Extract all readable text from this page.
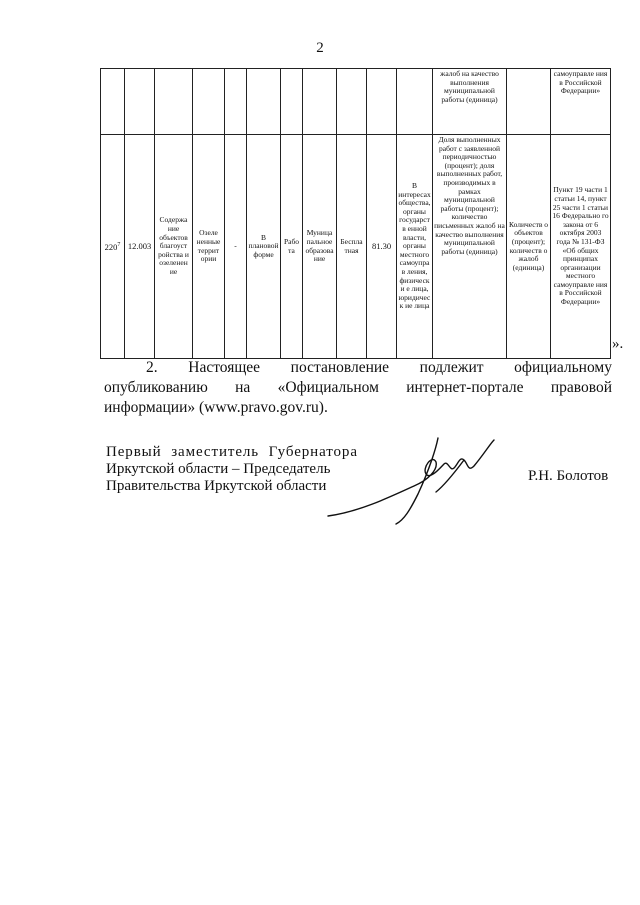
2
											жалоб на качество выполнения муниципальной работы (единица)		самоуправле ния в Российской Федерации»
$220^7$	12.003	Содержа ние объектов благоуст ройства и озеленен ие	Озеле ненные террит ории	-	В плановой форме	Рабо та	Муница пальное образова ние	Беспла тная	81.30	В интересах общества, органы государств енной власти, органы местного самоуправ ления, физически е лица, юридическ ие лица	Доля выполненных работ с заявленной периодичностью (процент); доля выполненных работ, производимых в рамках муниципальной работы (процент); количество письменных жалоб на качество выполнения муниципальной работы (единица)	Количеств о объектов (процент); количеств о жалоб (единица)	Пункт 19 части 1 статьи 14, пункт 25 части 1 статьи 16 Федерально го закона от 6 октября 2003 года № 131-ФЗ «Об общих принципах организации местного самоуправле ния в Российской Федерации»
».
2. Настоящее постановление подлежит официальному опубликованию на «Официальном интернет-портале правовой информации» (www.pravo.gov.ru).
Первый заместитель Губернатора
Иркутской области – Председатель
Правительства Иркутской области
Р.Н. Болотов
